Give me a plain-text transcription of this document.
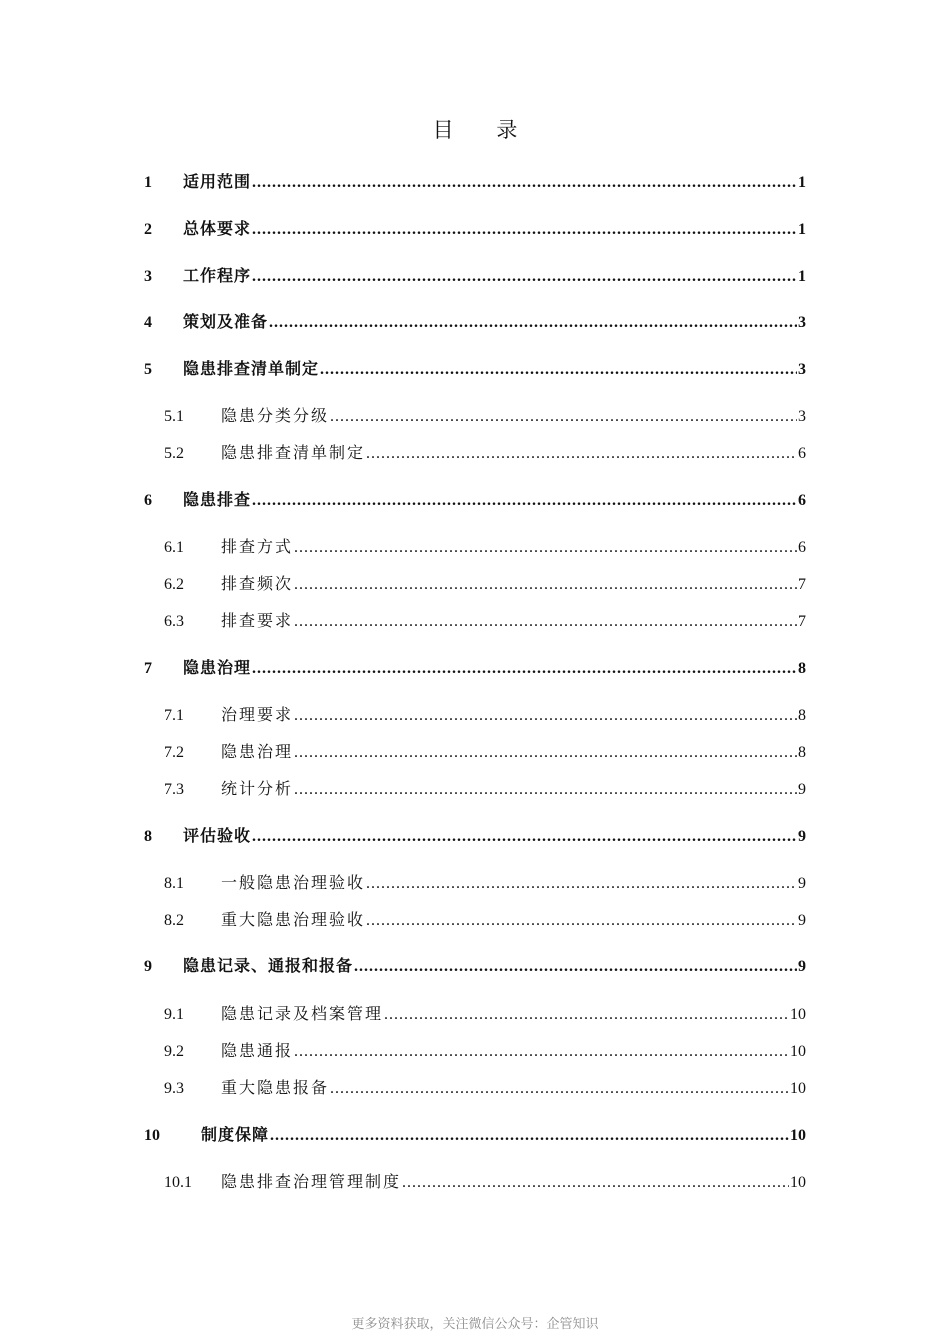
目 录
1	适用范围 .....	1
2	总体要求 .....	1
3	工作程序 .....	1
4	策划及准备 .....	3
5	隐患排查清单制定 .....	3
5.1	隐患分类分级 .....	3
5.2	隐患排查清单制定 .....	6
6	隐患排查 .....	6
6.1	排查方式 .....	6
6.2	排查频次 .....	7
6.3	排查要求 .....	7
7	隐患治理 .....	8
7.1	治理要求 .....	8
7.2	隐患治理 .....	8
7.3	统计分析 .....	9
8	评估验收 .....	9
8.1	一般隐患治理验收 .....	9
8.2	重大隐患治理验收 .....	9
9	隐患记录、通报和报备 .....	9
9.1	隐患记录及档案管理 .....	10
9.2	隐患通报 .....	10
9.3	重大隐患报备 .....	10
10	制度保障 .....	10
10.1	隐患排查治理管理制度 .....	10
更多资料获取，关注微信公众号：企管知识
